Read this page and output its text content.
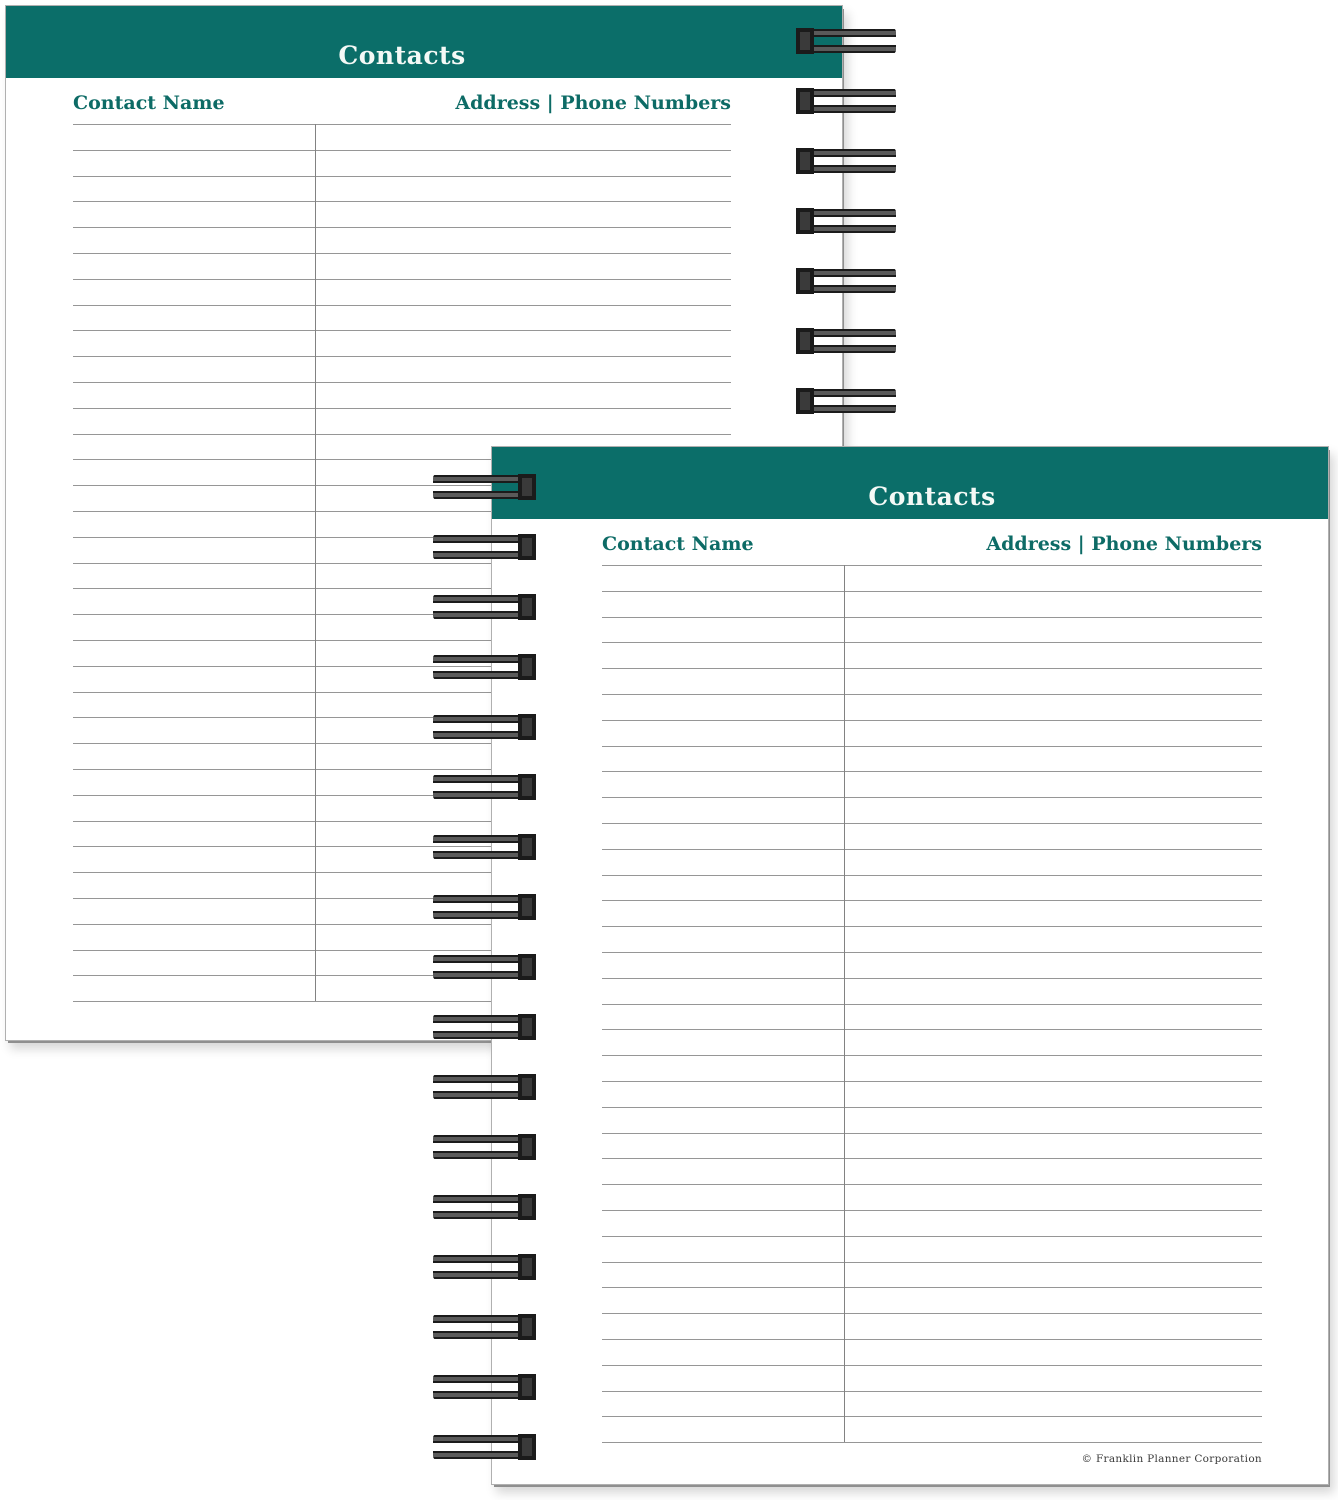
Contacts
Contact Name	Address | Phone Numbers
Contacts
Contact Name	Address | Phone Numbers
© Franklin Planner Corporation
